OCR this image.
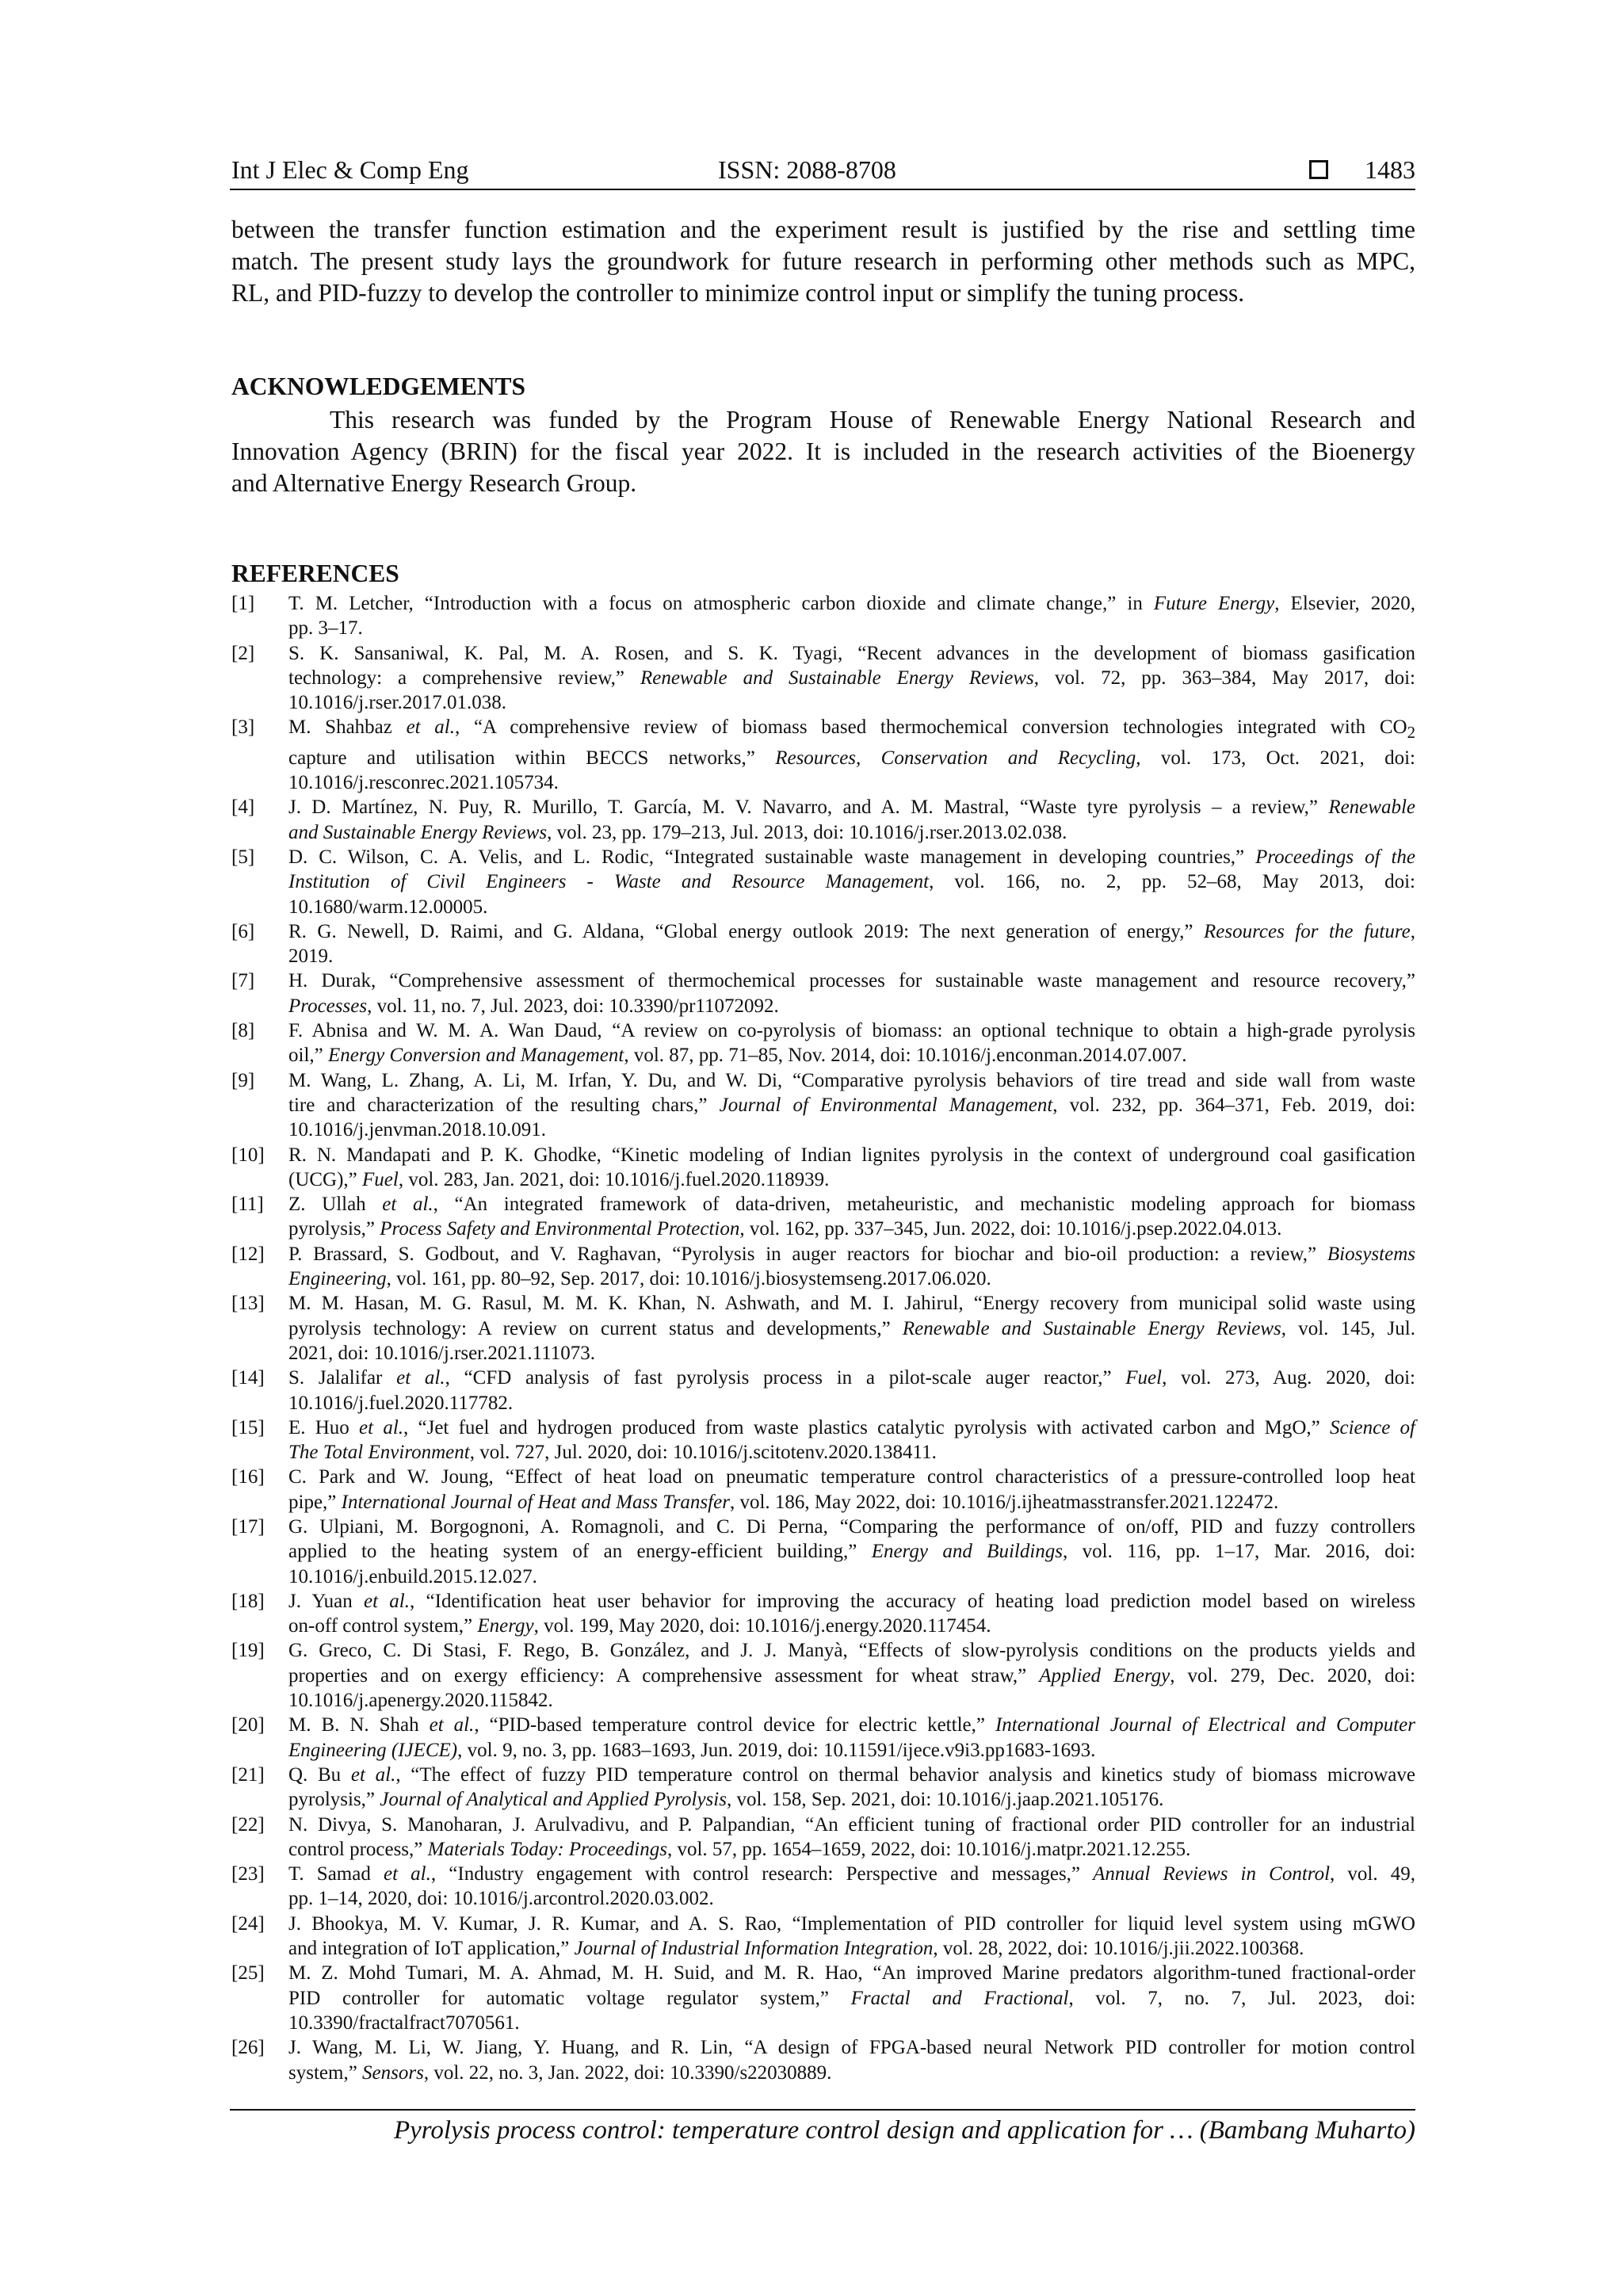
Int J Elec & Comp Eng	ISSN: 2088-8708	1483
between the transfer function estimation and the experiment result is justified by the rise and settling time
match. The present study lays the groundwork for future research in performing other methods such as MPC,
RL, and PID-fuzzy to develop the controller to minimize control input or simplify the tuning process.
ACKNOWLEDGEMENTS
This research was funded by the Program House of Renewable Energy National Research and
Innovation Agency (BRIN) for the fiscal year 2022. It is included in the research activities of the Bioenergy
and Alternative Energy Research Group.
REFERENCES
[1] T. M. Letcher, “Introduction with a focus on atmospheric carbon dioxide and climate change,” in Future Energy, Elsevier, 2020,
pp. 3–17.
[2] S. K. Sansaniwal, K. Pal, M. A. Rosen, and S. K. Tyagi, “Recent advances in the development of biomass gasification
technology: a comprehensive review,” Renewable and Sustainable Energy Reviews, vol. 72, pp. 363–384, May 2017, doi:
10.1016/j.rser.2017.01.038.
[3] M. Shahbaz et al., “A comprehensive review of biomass based thermochemical conversion technologies integrated with $CO_2$
capture and utilisation within BECCS networks,” Resources, Conservation and Recycling, vol. 173, Oct. 2021, doi:
10.1016/j.resconrec.2021.105734.
[4] J. D. Martínez, N. Puy, R. Murillo, T. García, M. V. Navarro, and A. M. Mastral, “Waste tyre pyrolysis – a review,” Renewable
and Sustainable Energy Reviews, vol. 23, pp. 179–213, Jul. 2013, doi: 10.1016/j.rser.2013.02.038.
[5] D. C. Wilson, C. A. Velis, and L. Rodic, “Integrated sustainable waste management in developing countries,” Proceedings of the
Institution of Civil Engineers - Waste and Resource Management, vol. 166, no. 2, pp. 52–68, May 2013, doi:
10.1680/warm.12.00005.
[6] R. G. Newell, D. Raimi, and G. Aldana, “Global energy outlook 2019: The next generation of energy,” Resources for the future,
2019.
[7] H. Durak, “Comprehensive assessment of thermochemical processes for sustainable waste management and resource recovery,”
Processes, vol. 11, no. 7, Jul. 2023, doi: 10.3390/pr11072092.
[8] F. Abnisa and W. M. A. Wan Daud, “A review on co-pyrolysis of biomass: an optional technique to obtain a high-grade pyrolysis
oil,” Energy Conversion and Management, vol. 87, pp. 71–85, Nov. 2014, doi: 10.1016/j.enconman.2014.07.007.
[9] M. Wang, L. Zhang, A. Li, M. Irfan, Y. Du, and W. Di, “Comparative pyrolysis behaviors of tire tread and side wall from waste
tire and characterization of the resulting chars,” Journal of Environmental Management, vol. 232, pp. 364–371, Feb. 2019, doi:
10.1016/j.jenvman.2018.10.091.
[10] R. N. Mandapati and P. K. Ghodke, “Kinetic modeling of Indian lignites pyrolysis in the context of underground coal gasification
(UCG),” Fuel, vol. 283, Jan. 2021, doi: 10.1016/j.fuel.2020.118939.
[11] Z. Ullah et al., “An integrated framework of data-driven, metaheuristic, and mechanistic modeling approach for biomass
pyrolysis,” Process Safety and Environmental Protection, vol. 162, pp. 337–345, Jun. 2022, doi: 10.1016/j.psep.2022.04.013.
[12] P. Brassard, S. Godbout, and V. Raghavan, “Pyrolysis in auger reactors for biochar and bio-oil production: a review,” Biosystems
Engineering, vol. 161, pp. 80–92, Sep. 2017, doi: 10.1016/j.biosystemseng.2017.06.020.
[13] M. M. Hasan, M. G. Rasul, M. M. K. Khan, N. Ashwath, and M. I. Jahirul, “Energy recovery from municipal solid waste using
pyrolysis technology: A review on current status and developments,” Renewable and Sustainable Energy Reviews, vol. 145, Jul.
2021, doi: 10.1016/j.rser.2021.111073.
[14] S. Jalalifar et al., “CFD analysis of fast pyrolysis process in a pilot-scale auger reactor,” Fuel, vol. 273, Aug. 2020, doi:
10.1016/j.fuel.2020.117782.
[15] E. Huo et al., “Jet fuel and hydrogen produced from waste plastics catalytic pyrolysis with activated carbon and MgO,” Science of
The Total Environment, vol. 727, Jul. 2020, doi: 10.1016/j.scitotenv.2020.138411.
[16] C. Park and W. Joung, “Effect of heat load on pneumatic temperature control characteristics of a pressure-controlled loop heat
pipe,” International Journal of Heat and Mass Transfer, vol. 186, May 2022, doi: 10.1016/j.ijheatmasstransfer.2021.122472.
[17] G. Ulpiani, M. Borgognoni, A. Romagnoli, and C. Di Perna, “Comparing the performance of on/off, PID and fuzzy controllers
applied to the heating system of an energy-efficient building,” Energy and Buildings, vol. 116, pp. 1–17, Mar. 2016, doi:
10.1016/j.enbuild.2015.12.027.
[18] J. Yuan et al., “Identification heat user behavior for improving the accuracy of heating load prediction model based on wireless
on-off control system,” Energy, vol. 199, May 2020, doi: 10.1016/j.energy.2020.117454.
[19] G. Greco, C. Di Stasi, F. Rego, B. González, and J. J. Manyà, “Effects of slow-pyrolysis conditions on the products yields and
properties and on exergy efficiency: A comprehensive assessment for wheat straw,” Applied Energy, vol. 279, Dec. 2020, doi:
10.1016/j.apenergy.2020.115842.
[20] M. B. N. Shah et al., “PID-based temperature control device for electric kettle,” International Journal of Electrical and Computer
Engineering (IJECE), vol. 9, no. 3, pp. 1683–1693, Jun. 2019, doi: 10.11591/ijece.v9i3.pp1683-1693.
[21] Q. Bu et al., “The effect of fuzzy PID temperature control on thermal behavior analysis and kinetics study of biomass microwave
pyrolysis,” Journal of Analytical and Applied Pyrolysis, vol. 158, Sep. 2021, doi: 10.1016/j.jaap.2021.105176.
[22] N. Divya, S. Manoharan, J. Arulvadivu, and P. Palpandian, “An efficient tuning of fractional order PID controller for an industrial
control process,” Materials Today: Proceedings, vol. 57, pp. 1654–1659, 2022, doi: 10.1016/j.matpr.2021.12.255.
[23] T. Samad et al., “Industry engagement with control research: Perspective and messages,” Annual Reviews in Control, vol. 49,
pp. 1–14, 2020, doi: 10.1016/j.arcontrol.2020.03.002.
[24] J. Bhookya, M. V. Kumar, J. R. Kumar, and A. S. Rao, “Implementation of PID controller for liquid level system using mGWO
and integration of IoT application,” Journal of Industrial Information Integration, vol. 28, 2022, doi: 10.1016/j.jii.2022.100368.
[25] M. Z. Mohd Tumari, M. A. Ahmad, M. H. Suid, and M. R. Hao, “An improved Marine predators algorithm-tuned fractional-order
PID controller for automatic voltage regulator system,” Fractal and Fractional, vol. 7, no. 7, Jul. 2023, doi:
10.3390/fractalfract7070561.
[26] J. Wang, M. Li, W. Jiang, Y. Huang, and R. Lin, “A design of FPGA-based neural Network PID controller for motion control
system,” Sensors, vol. 22, no. 3, Jan. 2022, doi: 10.3390/s22030889.
Pyrolysis process control: temperature control design and application for … (Bambang Muharto)
